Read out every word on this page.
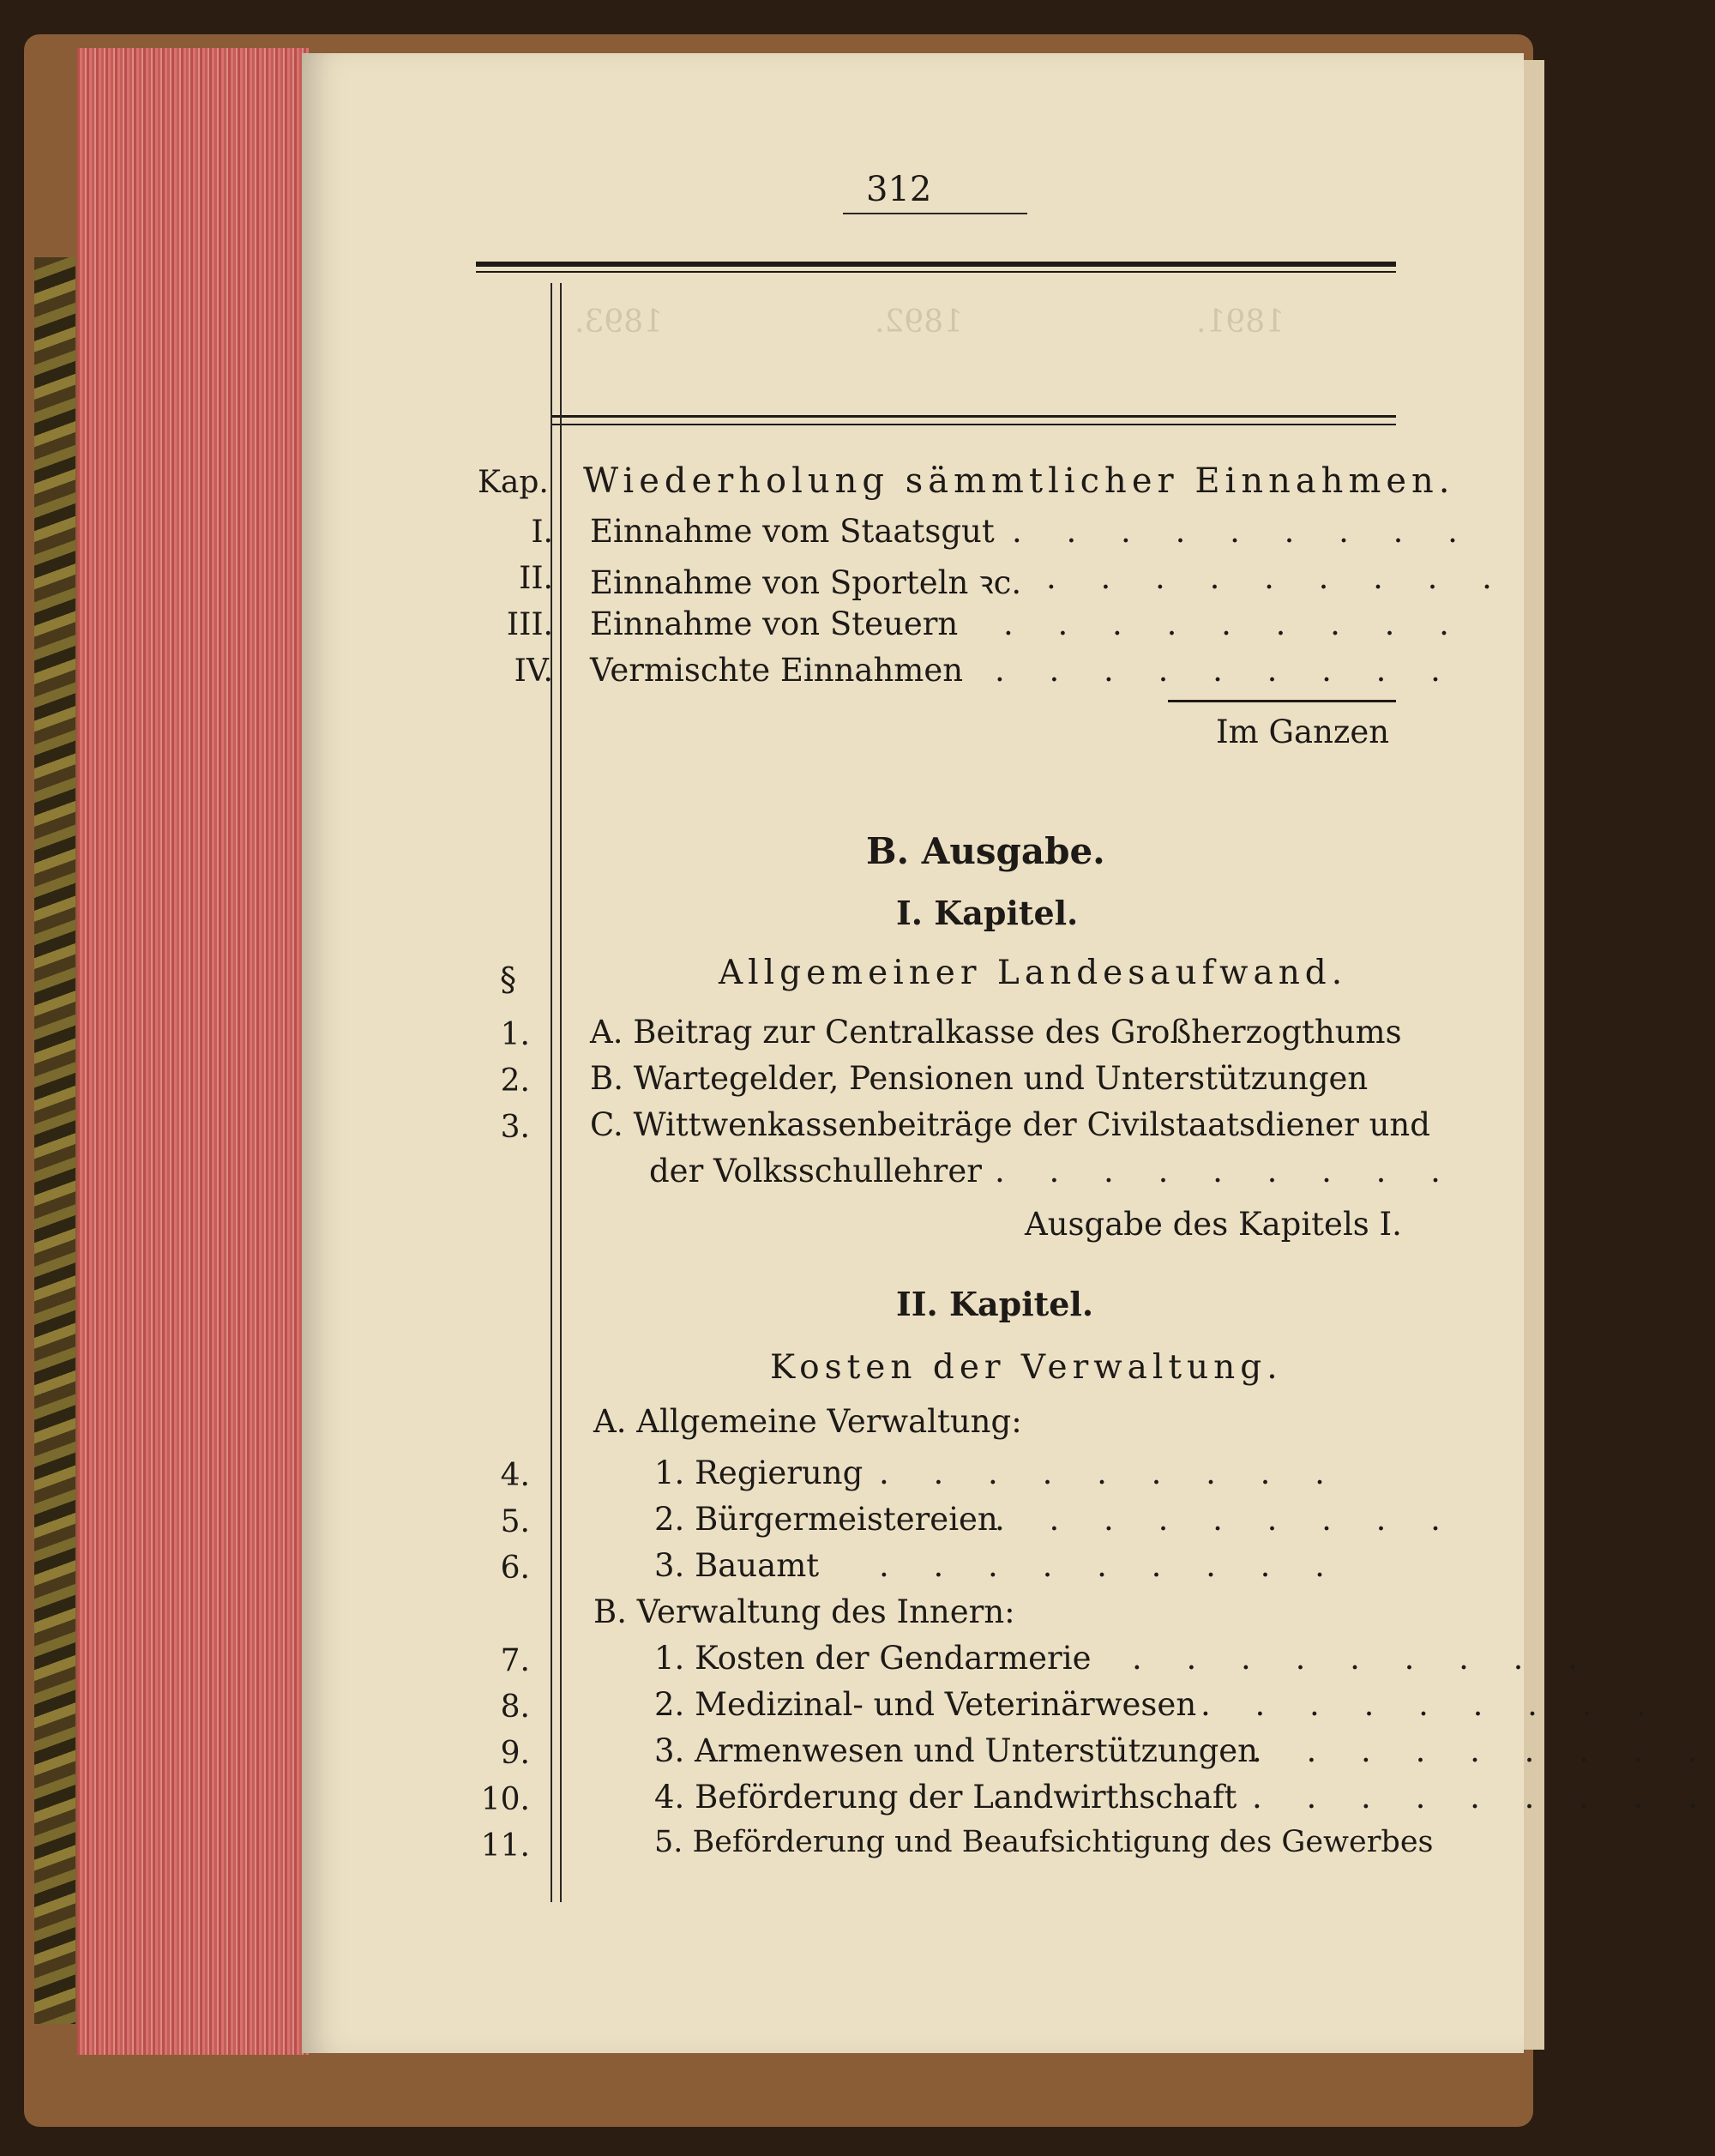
1891.
1892.
1893.
312
Kap. Wiederholung sämmtlicher Einnahmen.
I. Einnahme vom Staatsgut . . . . . . . . .
II. Einnahme von Sporteln ꝛc. . . . . . . . . .
III. Einnahme von Steuern . . . . . . . . .
IV. Vermischte Einnahmen . . . . . . . . .
Im Ganzen
B. Ausgabe.
I. Kapitel.
§	Allgemeiner Landesaufwand.
1. A. Beitrag zur Centralkasse des Großherzogthums
2. B. Wartegelder, Pensionen und Unterstützungen
3. C. Wittwenkassenbeiträge der Civilstaatsdiener und
der Volksschullehrer . . . . . . . . .
Ausgabe des Kapitels I.
II. Kapitel.
Kosten der Verwaltung.
A. Allgemeine Verwaltung:
4.	1. Regierung . . . . . . . . .
5.	2. Bürgermeistereien
. . . . . . . . .
6.	3. Bauamt . . . . . . . . .
B. Verwaltung des Innern:
7.	1. Kosten der Gendarmerie . . . . . . . . .
8.	2. Medizinal- und Veterinärwesen . . . . . . . . .
9.	3. Armenwesen und Unterstützungen
. . . . . . . . .
10.	4. Beförderung der Landwirthschaft . . . . . . . . .
11.	5. Beförderung und Beaufsichtigung des Gewerbes
